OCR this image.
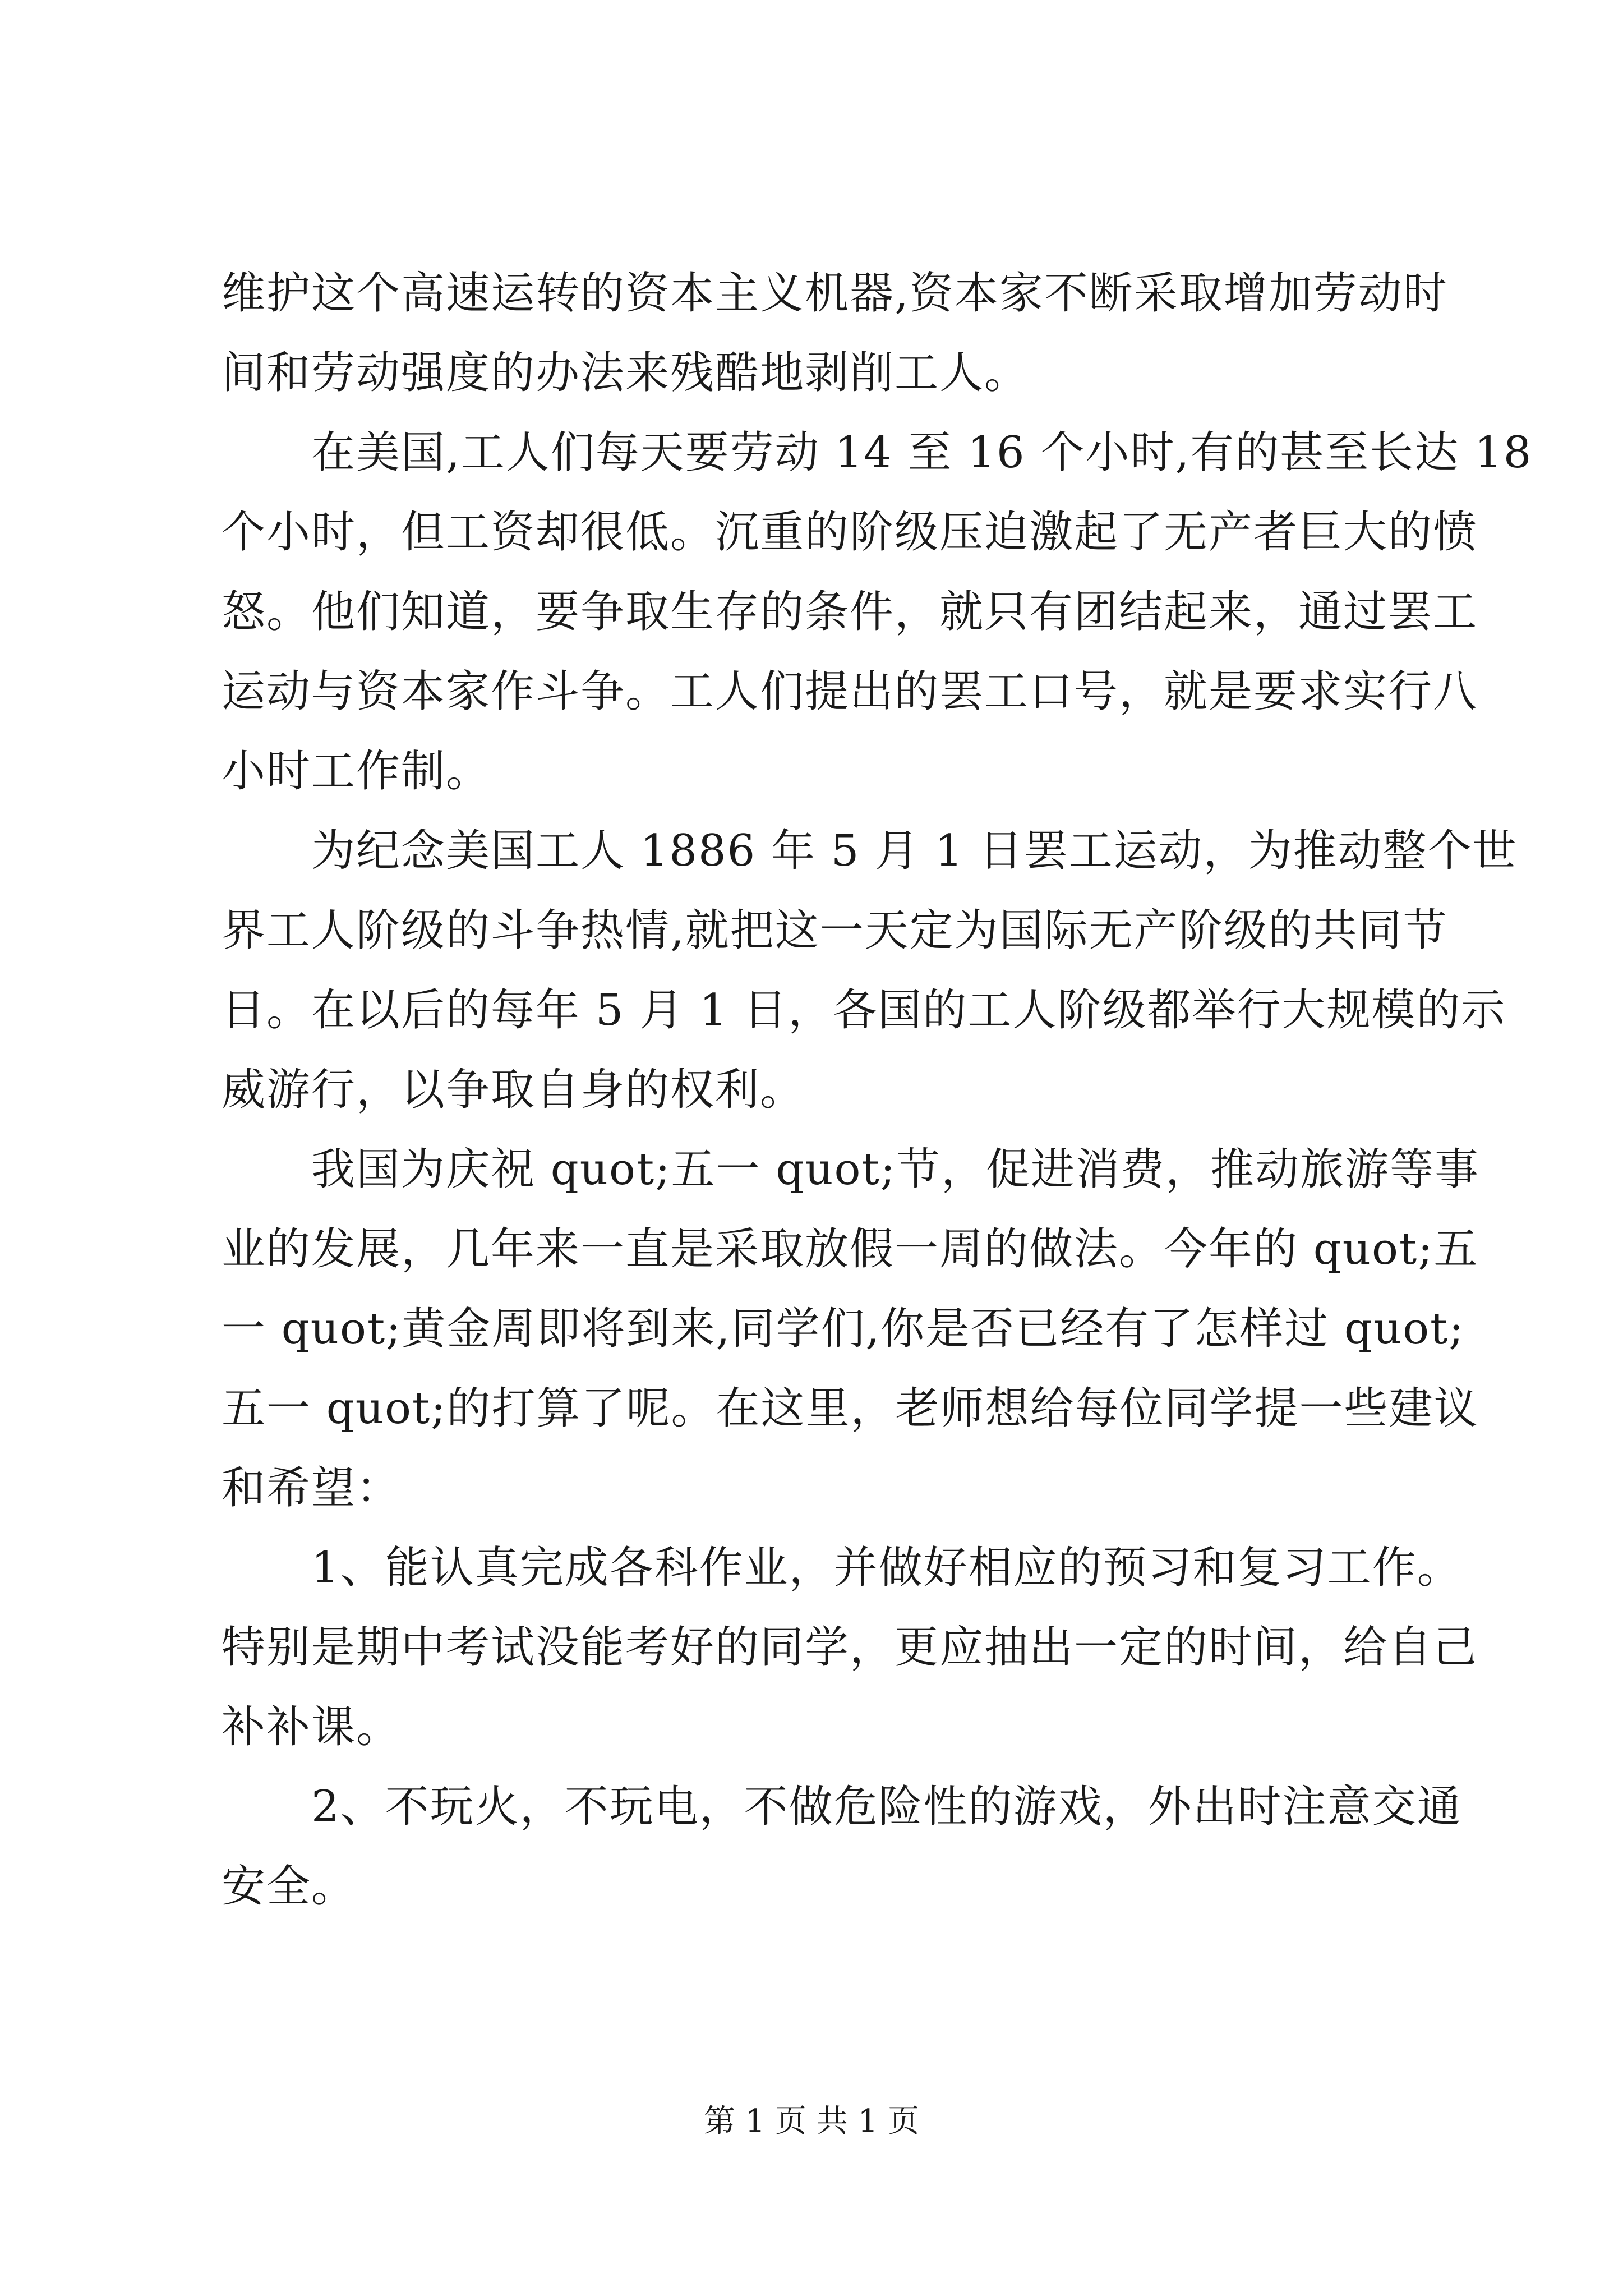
维护这个高速运转的资本主义机器,资本家不断采取增加劳动时
间和劳动强度的办法来残酷地剥削工人。
在美国,工人们每天要劳动 14 至 16 个小时,有的甚至长达 18
个小时，但工资却很低。沉重的阶级压迫激起了无产者巨大的愤
怒。他们知道，要争取生存的条件，就只有团结起来，通过罢工
运动与资本家作斗争。工人们提出的罢工口号，就是要求实行八
小时工作制。
为纪念美国工人 1886 年 5 月 1 日罢工运动，为推动整个世
界工人阶级的斗争热情,就把这一天定为国际无产阶级的共同节
日。在以后的每年 5 月 1 日，各国的工人阶级都举行大规模的示
威游行，以争取自身的权利。
我国为庆祝 quot;五一 quot;节，促进消费，推动旅游等事
业的发展，几年来一直是采取放假一周的做法。今年的 quot;五
一 quot;黄金周即将到来,同学们,你是否已经有了怎样过 quot;
五一 quot;的打算了呢。在这里，老师想给每位同学提一些建议
和希望：
1、能认真完成各科作业，并做好相应的预习和复习工作。
特别是期中考试没能考好的同学，更应抽出一定的时间，给自己
补补课。
2、不玩火，不玩电，不做危险性的游戏，外出时注意交通
安全。
第 1 页 共 1 页
